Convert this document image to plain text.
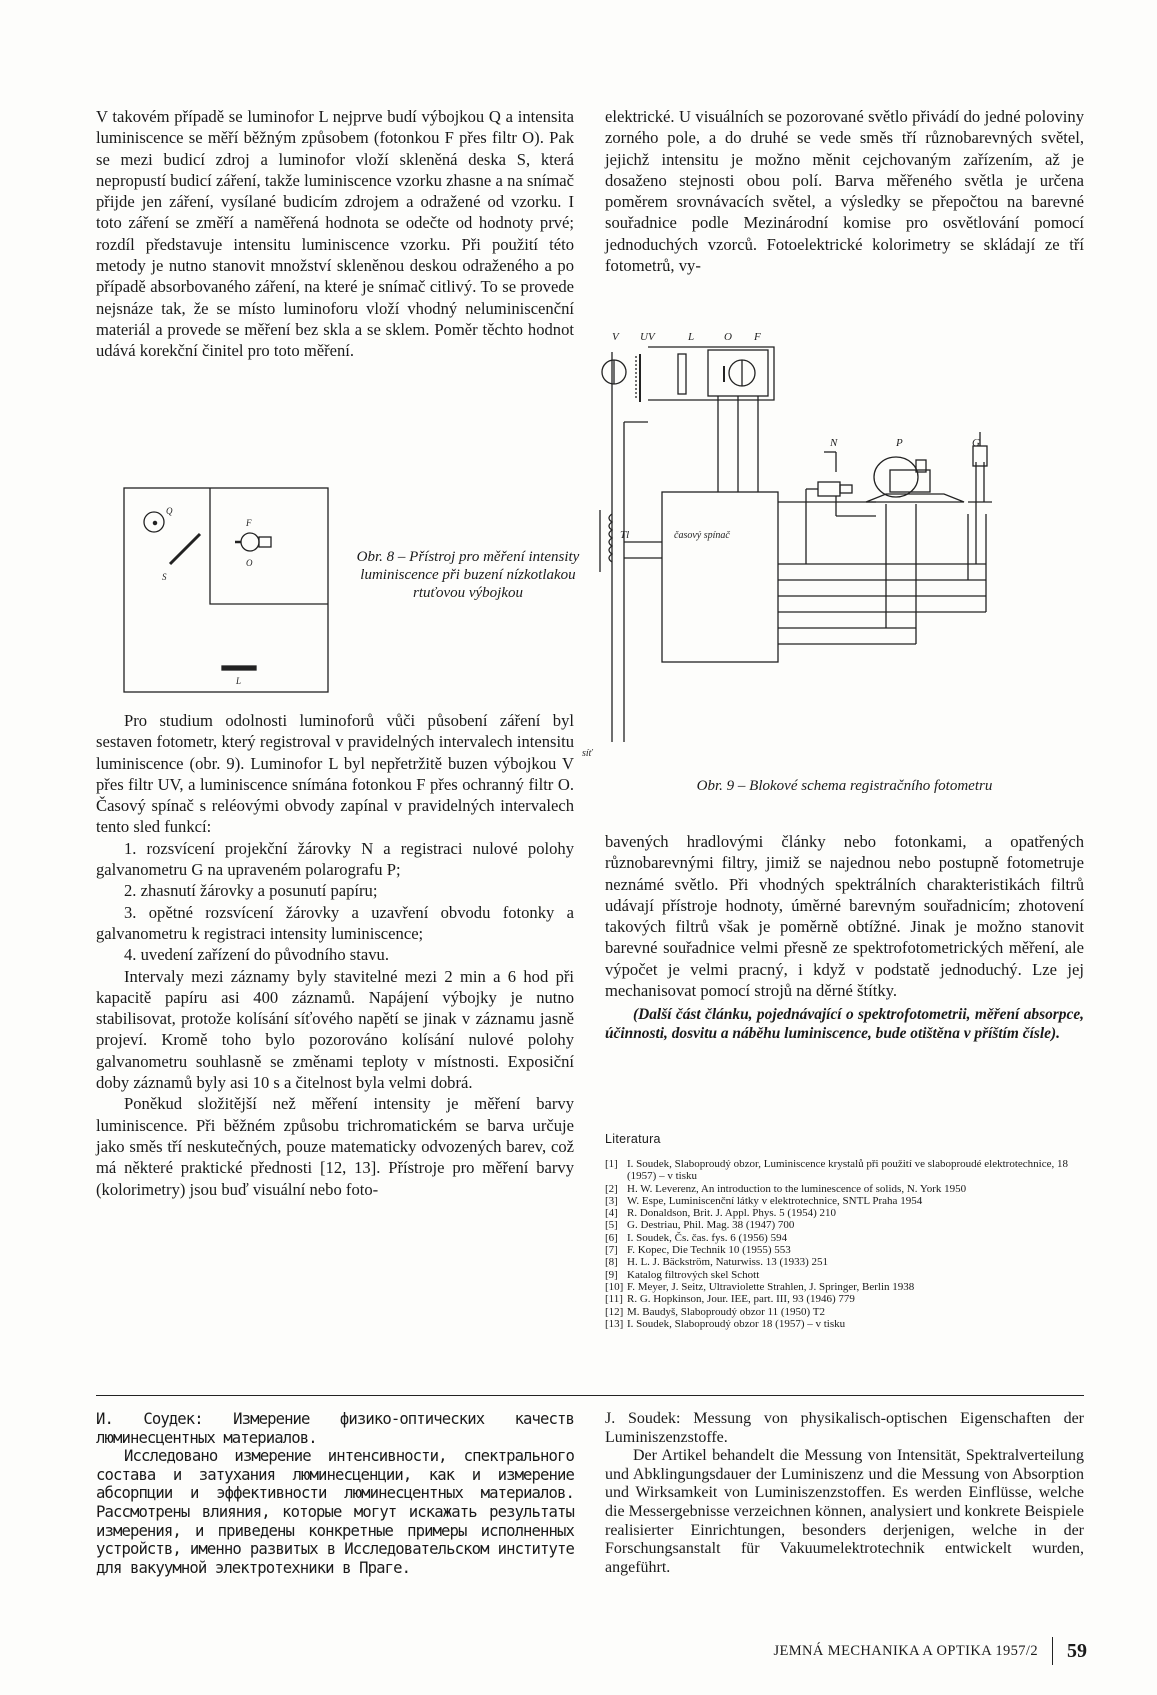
V takovém případě se luminofor L nejprve budí výbojkou Q a intensita luminiscence se měří běžným způsobem (fotonkou F přes filtr O). Pak se mezi budicí zdroj a luminofor vloží skleněná deska S, která nepropustí budicí záření, takže luminiscence vzorku zhasne a na snímač přijde jen záření, vysílané budicím zdrojem a odražené od vzorku. I toto záření se změří a naměřená hodnota se odečte od hodnoty prvé; rozdíl představuje intensitu luminiscence vzorku. Při použití této metody je nutno stanovit množství skleněnou deskou odraženého a po případě absorbovaného záření, na které je snímač citlivý. To se provede nejsnáze tak, že se místo luminoforu vloží vhodný neluminiscenční materiál a provede se měření bez skla a se sklem. Poměr těchto hodnot udává korekční činitel pro toto měření.

Q
S
F
O
L
Obr. 8 – Přístroj pro měření intensity luminiscence při buzení nízkotlakou rtuťovou výbojkou

Pro studium odolnosti luminoforů vůči působení záření byl sestaven fotometr, který registroval v pravidelných intervalech intensitu luminiscence (obr. 9). Luminofor L byl nepřetržitě buzen výbojkou V přes filtr UV, a luminiscence snímána fotonkou F přes ochranný filtr O. Časový spínač s reléovými obvody zapínal v pravidelných intervalech tento sled funkcí:

1. rozsvícení projekční žárovky N a registraci nulové polohy galvanometru G na upraveném polarografu P;

2. zhasnutí žárovky a posunutí papíru;

3. opětné rozsvícení žárovky a uzavření obvodu fotonky a galvanometru k registraci intensity luminiscence;

4. uvedení zařízení do původního stavu.

Intervaly mezi záznamy byly stavitelné mezi 2 min a 6 hod při kapacitě papíru asi 400 záznamů. Napájení výbojky je nutno stabilisovat, protože kolísání síťového napětí se jinak v záznamu jasně projeví. Kromě toho bylo pozorováno kolísání nulové polohy galvanometru souhlasně se změnami teploty v místnosti. Exposiční doby záznamů byly asi 10 s a čitelnost byla velmi dobrá.

Poněkud složitější než měření intensity je měření barvy luminiscence. Při běžném způsobu trichromatickém se barva určuje jako směs tří neskutečných, pouze matematicky odvozených barev, což má některé praktické přednosti [12, 13]. Přístroje pro měření barvy (kolorimetry) jsou buď visuální nebo foto-

elektrické. U visuálních se pozorované světlo přivádí do jedné poloviny zorného pole, a do druhé se vede směs tří různobarevných světel, jejichž intensitu je možno měnit cejchovaným zařízením, až je dosaženo stejnosti obou polí. Barva měřeného světla je určena poměrem srovnávacích světel, a výsledky se přepočtou na barevné souřadnice podle Mezinárodní komise pro osvětlování pomocí jednoduchých vzorců. Fotoelektrické kolorimetry se skládají ze tří fotometrů, vy-

V UV	L	O F
N	P	G
Tl	časový spínač
síť
Obr. 9 – Blokové schema registračního fotometru

bavených hradlovými články nebo fotonkami, a opatřených různobarevnými filtry, jimiž se najednou nebo postupně fotometruje neznámé světlo. Při vhodných spektrálních charakteristikách filtrů udávají přístroje hodnoty, úměrné barevným souřadnicím; zhotovení takových filtrů však je poměrně obtížné. Jinak je možno stanovit barevné souřadnice velmi přesně ze spektrofotometrických měření, ale výpočet je velmi pracný, i když v podstatě jednoduchý. Lze jej mechanisovat pomocí strojů na děrné štítky.

(Další část článku, pojednávající o spektrofotometrii, měření absorpce, účinnosti, dosvitu a náběhu luminiscence, bude otištěna v příštím čísle).

Literatura
[1] I. Soudek, Slaboproudý obzor, Luminiscence krystalů při použití ve slaboproudé elektrotechnice, 18 (1957) – v tisku
[2] H. W. Leverenz, An introduction to the luminescence of solids, N. York 1950
[3] W. Espe, Luminiscenční látky v elektrotechnice, SNTL Praha 1954
[4] R. Donaldson, Brit. J. Appl. Phys. 5 (1954) 210
[5] G. Destriau, Phil. Mag. 38 (1947) 700
[6] I. Soudek, Čs. čas. fys. 6 (1956) 594
[7] F. Kopec, Die Technik 10 (1955) 553
[8] H. L. J. Bäckström, Naturwiss. 13 (1933) 251
[9] Katalog filtrových skel Schott
[10] F. Meyer, J. Seitz, Ultraviolette Strahlen, J. Springer, Berlin 1938
[11] R. G. Hopkinson, Jour. IEE, part. III, 93 (1946) 779
[12] M. Baudyš, Slaboproudý obzor 11 (1950) T2
[13] I. Soudek, Slaboproudý obzor 18 (1957) – v tisku

И. Соудек: Измерение физико-оптических качеств люминесцентных материалов.

Исследовано измерение интенсивности, спектрального состава и затухания люминесценции, как и измерение абсорпции и эффективности люминесцентных материалов. Рассмотрены влияния, которые могут искажать результаты измерения, и приведены конкретные примеры исполненных устройств, именно развитых в Исследовательском институте для вакуумной электротехники в Праге.

J. Soudek: Messung von physikalisch-optischen Eigenschaften der Luminiszenzstoffe.

Der Artikel behandelt die Messung von Intensität, Spektralverteilung und Abklingungsdauer der Luminiszenz und die Messung von Absorption und Wirksamkeit von Luminiszenzstoffen. Es werden Einflüsse, welche die Messergebnisse verzeichnen können, analysiert und konkrete Beispiele realisierter Einrichtungen, besonders derjenigen, welche in der Forschungsanstalt für Vakuumelektrotechnik entwickelt wurden, angeführt.

JEMNÁ MECHANIKA A OPTIKA 1957/2 59
